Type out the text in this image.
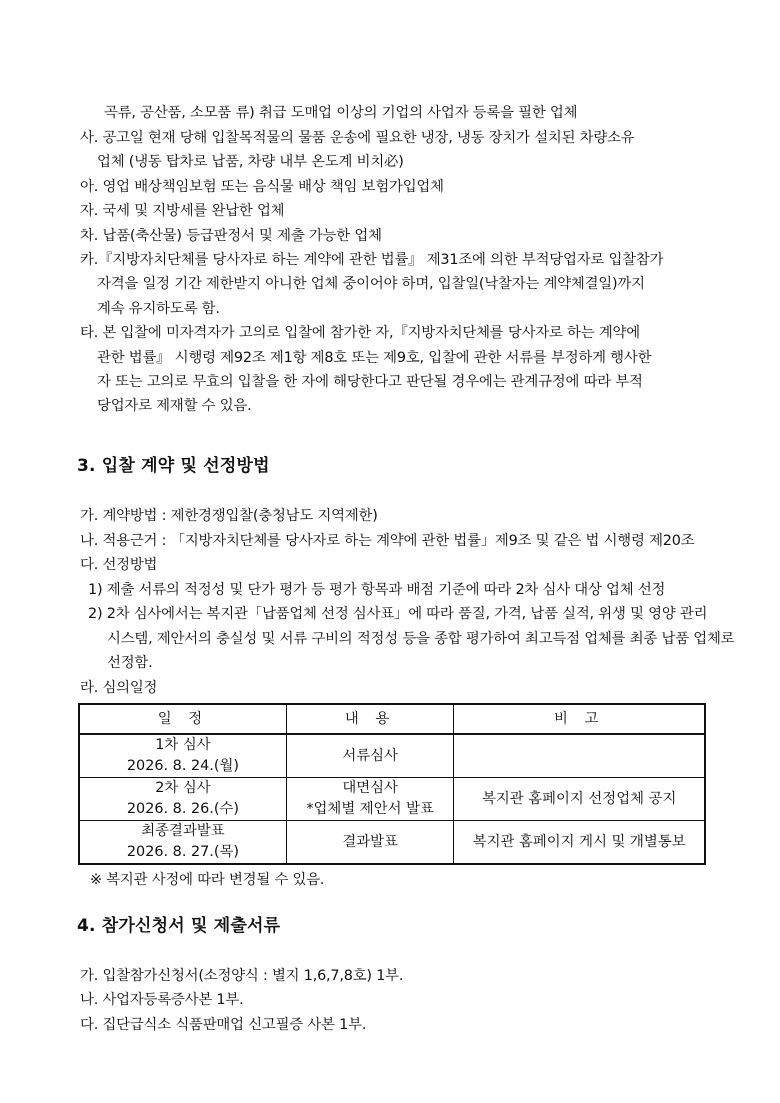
곡류, 공산품, 소모품 류) 취급 도매업 이상의 기업의 사업자 등록을 필한 업체
사. 공고일 현재 당해 입찰목적물의 물품 운송에 필요한 냉장, 냉동 장치가 설치된 차량소유
업체 (냉동 탑차로 납품, 차량 내부 온도계 비치必)
아. 영업 배상책임보험 또는 음식물 배상 책임 보험가입업체
자. 국세 및 지방세를 완납한 업체
차. 납품(축산물) 등급판정서 및 제출 가능한 업체
카.『지방자치단체를 당사자로 하는 계약에 관한 법률』 제31조에 의한 부적당업자로 입찰참가
자격을 일정 기간 제한받지 아니한 업체 중이어야 하며, 입찰일(낙찰자는 계약체결일)까지
계속 유지하도록 함.
타. 본 입찰에 미자격자가 고의로 입찰에 참가한 자,『지방자치단체를 당사자로 하는 계약에
관한 법률』 시행령 제92조 제1항 제8호 또는 제9호, 입찰에 관한 서류를 부정하게 행사한
자 또는 고의로 무효의 입찰을 한 자에 해당한다고 판단될 경우에는 관계규정에 따라 부적
당업자로 제재할 수 있음.
3. 입찰 계약 및 선정방법
가. 계약방법 : 제한경쟁입찰(충청남도 지역제한)
나. 적용근거 : 「지방자치단체를 당사자로 하는 계약에 관한 법률」제9조 및 같은 법 시행령 제20조
다. 선정방법
1) 제출 서류의 적정성 및 단가 평가 등 평가 항목과 배점 기준에 따라 2차 심사 대상 업체 선정
2) 2차 심사에서는 복지관「납품업체 선정 심사표」에 따라 품질, 가격, 납품 실적, 위생 및 영양 관리
시스템, 제안서의 충실성 및 서류 구비의 적정성 등을 종합 평가하여 최고득점 업체를 최종 납품 업체로
선정함.
라. 심의일정
일 정	내 용	비 고

1차 심사
2026. 8. 24.(월)	서류심사	

2차 심사
2026. 8. 26.(수)	대면심사
*업체별 제안서 발표	복지관 홈페이지 선정업체 공지

최종결과발표
2026. 8. 27.(목)	결과발표	복지관 홈페이지 게시 및 개별통보
※ 복지관 사정에 따라 변경될 수 있음.
4. 참가신청서 및 제출서류
가. 입찰참가신청서(소정양식 : 별지 1,6,7,8호) 1부.
나. 사업자등록증사본 1부.
다. 집단급식소 식품판매업 신고필증 사본 1부.
